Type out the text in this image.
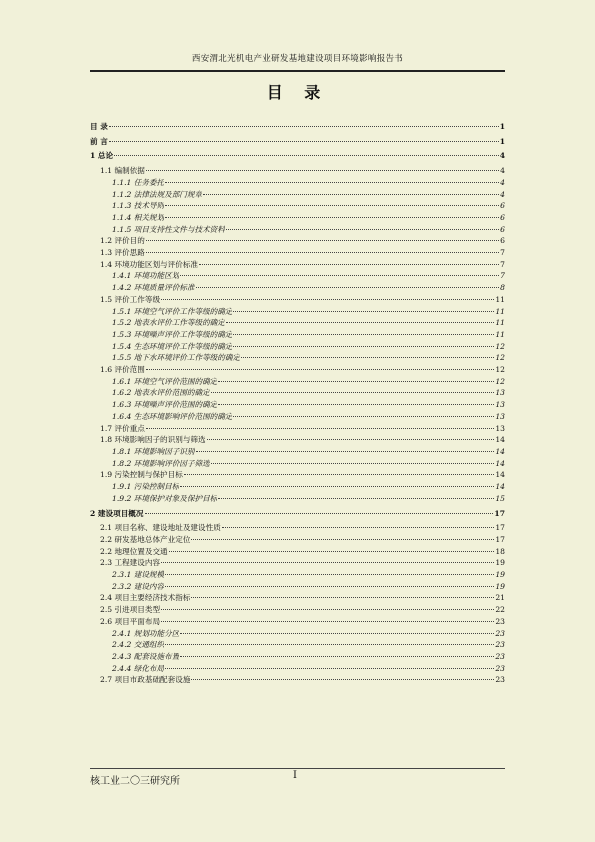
西安渭北光机电产业研发基地建设项目环境影响报告书
目 录
目 录	1
前 言	1
1 总论	4
1.1 编制依据	4
1.1.1 任务委托	4
1.1.2 法律法规及部门规章	4
1.1.3 技术导则	6
1.1.4 相关规划	6
1.1.5 项目支持性文件与技术资料	6
1.2 评价目的	6
1.3 评价思路	7
1.4 环境功能区划与评价标准	7
1.4.1 环境功能区划	7
1.4.2 环境质量评价标准	8
1.5 评价工作等级	11
1.5.1 环境空气评价工作等级的确定	11
1.5.2 地表水评价工作等级的确定	11
1.5.3 环境噪声评价工作等级的确定	11
1.5.4 生态环境评价工作等级的确定	12
1.5.5 地下水环境评价工作等级的确定	12
1.6 评价范围	12
1.6.1 环境空气评价范围的确定	12
1.6.2 地表水评价范围的确定	13
1.6.3 环境噪声评价范围的确定	13
1.6.4 生态环境影响评价范围的确定	13
1.7 评价重点	13
1.8 环境影响因子的识别与筛选	14
1.8.1 环境影响因子识别	14
1.8.2 环境影响评价因子筛选	14
1.9 污染控制与保护目标	14
1.9.1 污染控制目标	14
1.9.2 环境保护对象及保护目标	15
2 建设项目概况	17
2.1 项目名称、建设地址及建设性质	17
2.2 研发基地总体产业定位	17
2.2 地理位置及交通	18
2.3 工程建设内容	19
2.3.1 建设规模	19
2.3.2 建设内容	19
2.4 项目主要经济技术指标	21
2.5 引进项目类型	22
2.6 项目平面布局	23
2.4.1 规划功能分区	23
2.4.2 交通组织	23
2.4.3 配套设施布置	23
2.4.4 绿化布局	23
2.7 项目市政基础配套设施	23
核工业二〇三研究所
I
